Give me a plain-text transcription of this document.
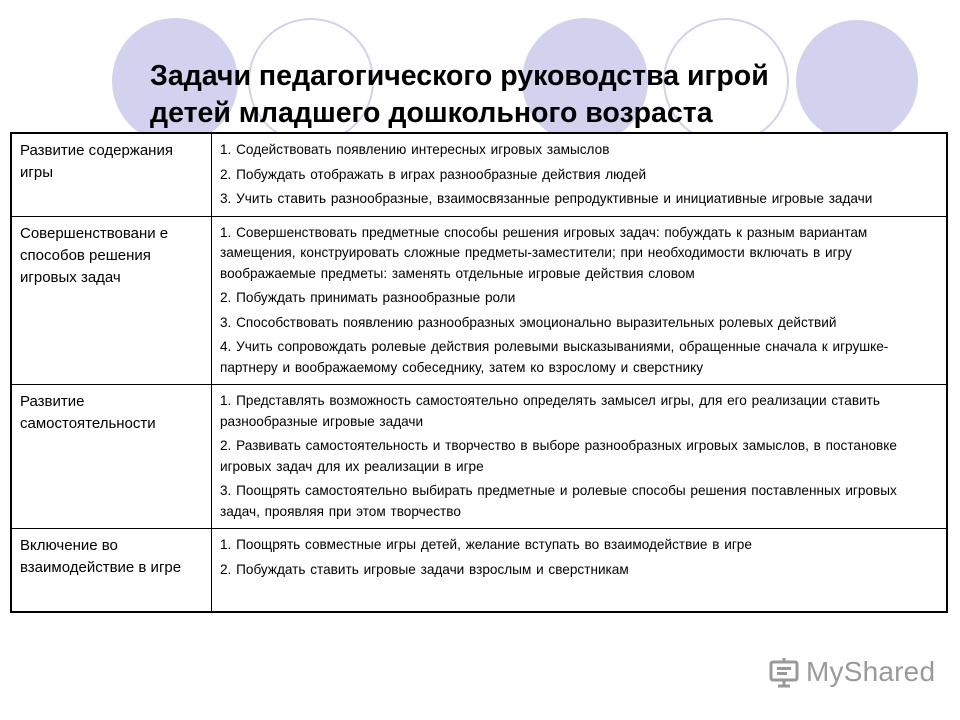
Задачи педагогического руководства игрой
детей младшего дошкольного возраста
Развитие содержания игры	1. Содействовать появлению интересных игровых замыслов

2. Побуждать отображать в играх разнообразные действия людей

3. Учить ставить разнообразные, взаимосвязанные репродуктивные и инициативные игровые задачи

Совершенствовани е способов решения игровых задач	1. Совершенствовать предметные способы решения игровых задач: побуждать к разным вариантам замещения, конструировать сложные предметы-заместители; при необходимости включать в игру воображаемые предметы: заменять отдельные игровые действия словом

2. Побуждать принимать разнообразные роли

3. Способствовать появлению разнообразных эмоционально выразительных ролевых действий

4. Учить сопровождать ролевые действия ролевыми высказываниями, обращенные сначала к игрушке-партнеру и воображаемому собеседнику, затем ко взрослому и сверстнику

Развитие самостоятельности	1. Представлять возможность самостоятельно определять замысел игры, для его реализации ставить разнообразные игровые задачи

2. Развивать самостоятельность и творчество в выборе разнообразных игровых замыслов, в постановке игровых задач для их реализации в игре

3. Поощрять самостоятельно выбирать предметные и ролевые способы решения поставленных игровых задач, проявляя при этом творчество

Включение во взаимодействие в игре	1. Поощрять совместные игры детей, желание вступать во взаимодействие в игре

2. Побуждать ставить игровые задачи взрослым и сверстникам

MyShared
